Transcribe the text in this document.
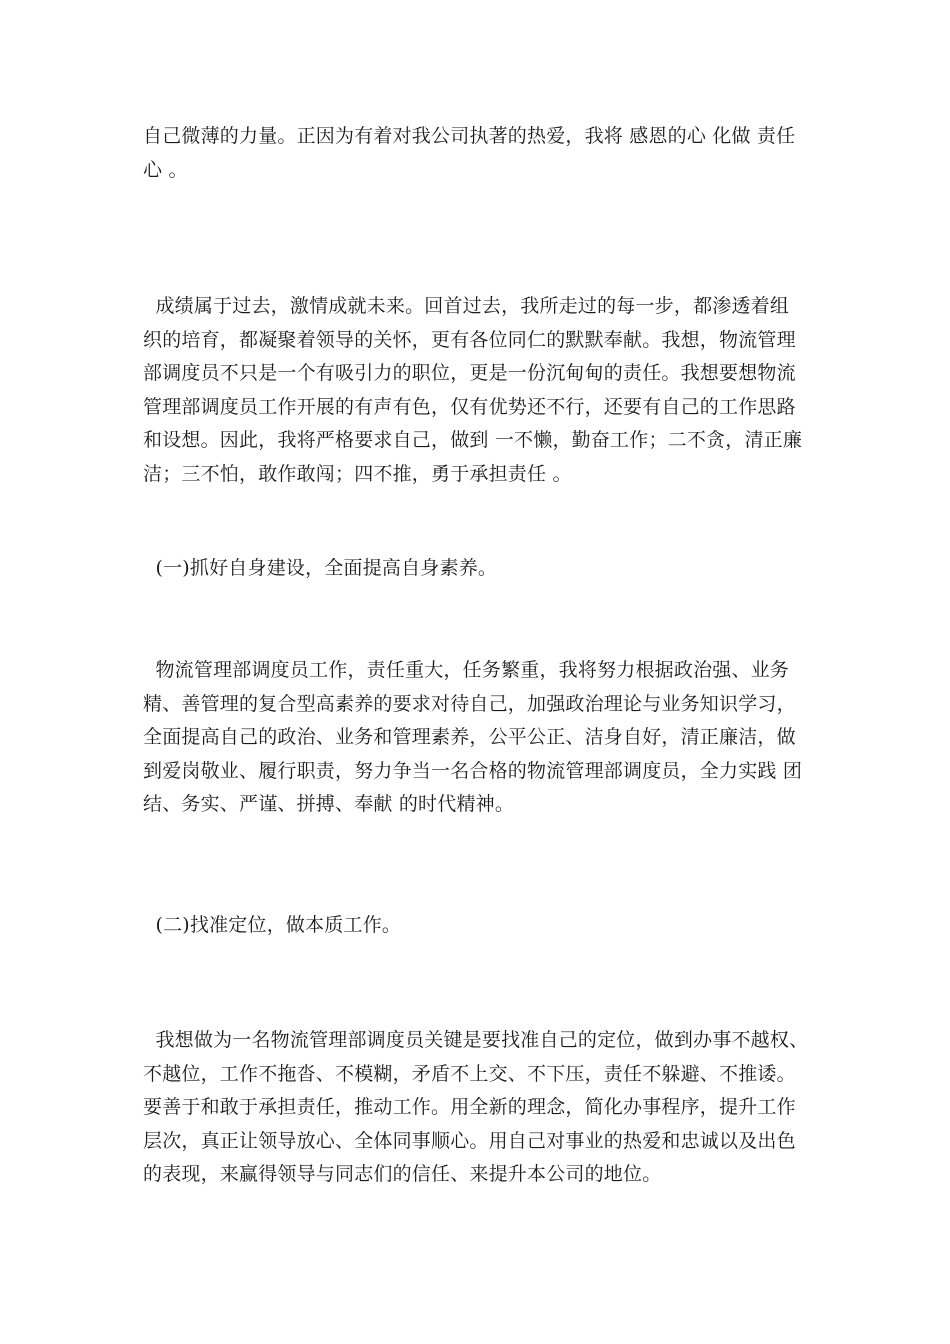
自己微薄的力量。正因为有着对我公司执著的热爱，我将 感恩的心 化做 责任
心 。
成绩属于过去，激情成就未来。回首过去，我所走过的每一步，都渗透着组
织的培育，都凝聚着领导的关怀，更有各位同仁的默默奉献。我想，物流管理
部调度员不只是一个有吸引力的职位，更是一份沉甸甸的责任。我想要想物流
管理部调度员工作开展的有声有色，仅有优势还不行，还要有自己的工作思路
和设想。因此，我将严格要求自己，做到 一不懒，勤奋工作；二不贪，清正廉
洁；三不怕，敢作敢闯；四不推，勇于承担责任 。
(一)抓好自身建设，全面提高自身素养。
物流管理部调度员工作，责任重大，任务繁重，我将努力根据政治强、业务
精、善管理的复合型高素养的要求对待自己，加强政治理论与业务知识学习，
全面提高自己的政治、业务和管理素养，公平公正、洁身自好，清正廉洁，做
到爱岗敬业、履行职责，努力争当一名合格的物流管理部调度员，全力实践 团
结、务实、严谨、拼搏、奉献 的时代精神。
(二)找准定位，做本质工作。
我想做为一名物流管理部调度员关键是要找准自己的定位，做到办事不越权、
不越位，工作不拖沓、不模糊，矛盾不上交、不下压，责任不躲避、不推诿。
要善于和敢于承担责任，推动工作。用全新的理念，简化办事程序，提升工作
层次，真正让领导放心、全体同事顺心。用自己对事业的热爱和忠诚以及出色
的表现，来赢得领导与同志们的信任、来提升本公司的地位。
